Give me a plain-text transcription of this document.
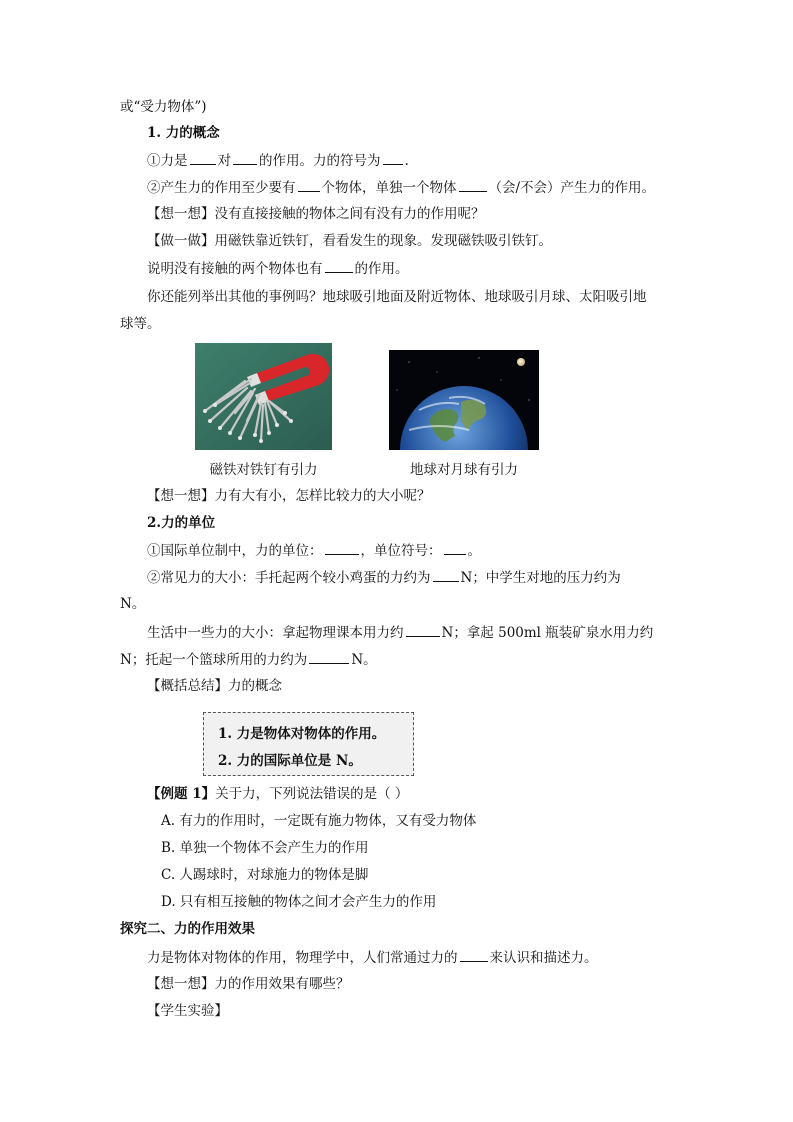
或“受力物体”)
1. 力的概念
①力是 对 的作用。力的符号为 .
②产生力的作用至少要有 个物体，单独一个物体 （会/不会）产生力的作用。
【想一想】没有直接接触的物体之间有没有力的作用呢？
【做一做】用磁铁靠近铁钉，看看发生的现象。发现磁铁吸引铁钉。
说明没有接触的两个物体也有 的作用。
你还能列举出其他的事例吗？地球吸引地面及附近物体、地球吸引月球、太阳吸引地
球等。
磁铁对铁钉有引力	地球对月球有引力
【想一想】力有大有小，怎样比较力的大小呢？
2.力的单位
①国际单位制中，力的单位：	，单位符号： 。
②常见力的大小：手托起两个较小鸡蛋的力约为 N；中学生对地的压力约为
N。
生活中一些力的大小：拿起物理课本用力约	N；拿起 500ml 瓶装矿泉水用力约
N；托起一个篮球所用的力约为	N。
【概括总结】力的概念
1. 力是物体对物体的作用。
2. 力的国际单位是 N。
【例题 1】关于力，下列说法错误的是（ ）
A. 有力的作用时，一定既有施力物体，又有受力物体
B. 单独一个物体不会产生力的作用
C. 人踢球时，对球施力的物体是脚
D. 只有相互接触的物体之间才会产生力的作用
探究二、力的作用效果
力是物体对物体的作用，物理学中，人们常通过力的 来认识和描述力。
【想一想】力的作用效果有哪些？
【学生实验】
